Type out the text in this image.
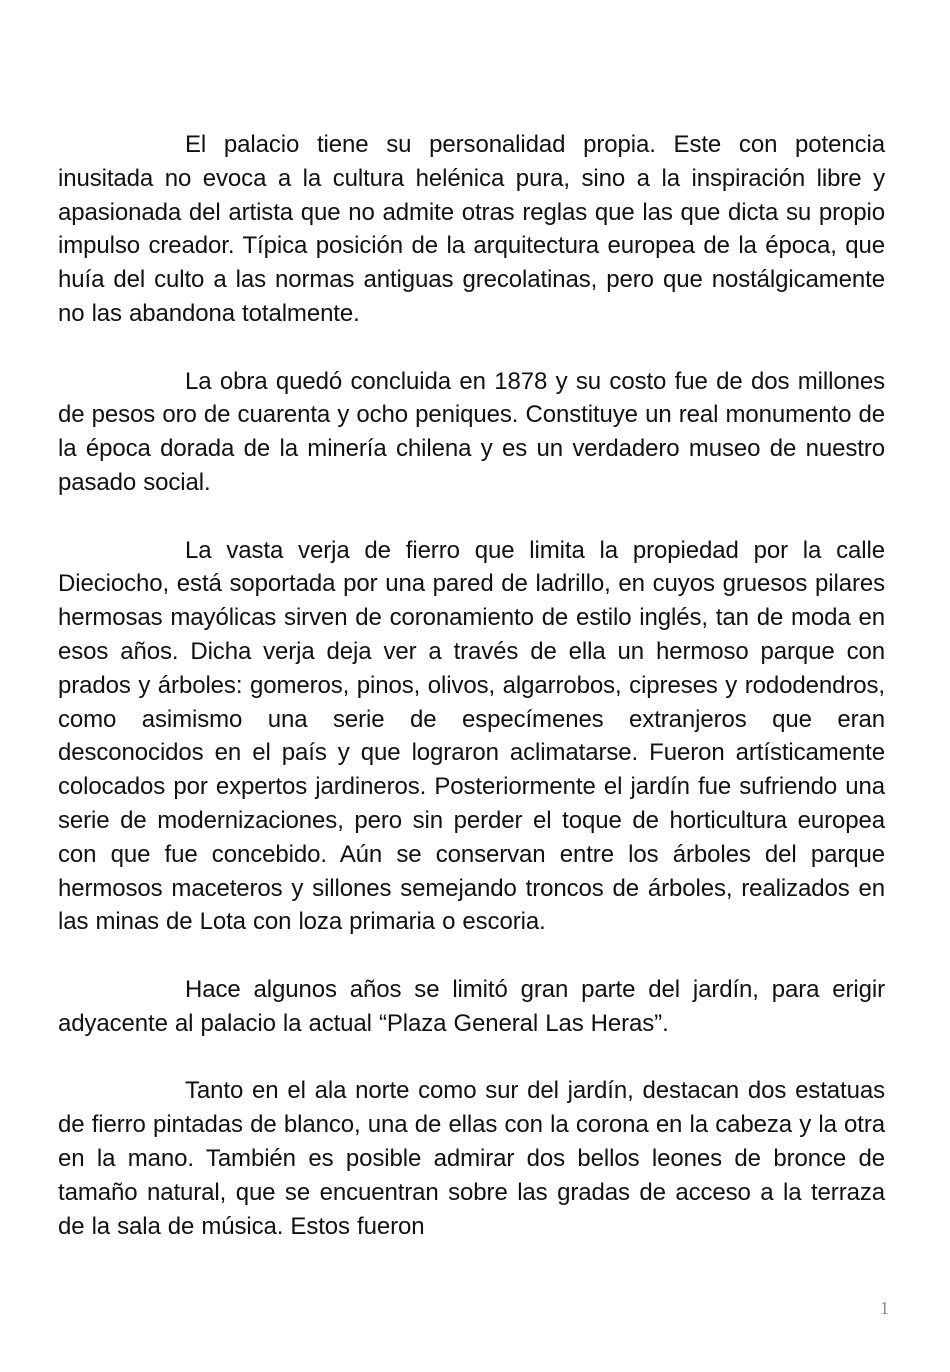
El palacio tiene su personalidad propia. Este con potencia inusitada no evoca a la cultura helénica pura, sino a la inspiración libre y apasionada del artista que no admite otras reglas que las que dicta su propio impulso creador. Típica posición de la arquitectura europea de la época, que huía del culto a las normas antiguas grecolatinas, pero que nostálgicamente no las abandona totalmente.

La obra quedó concluida en 1878 y su costo fue de dos millones de pesos oro de cuarenta y ocho peniques. Constituye un real monumento de la época dorada de la minería chilena y es un verdadero museo de nuestro pasado social.

La vasta verja de fierro que limita la propiedad por la calle Dieciocho, está soportada por una pared de ladrillo, en cuyos gruesos pilares hermosas mayólicas sirven de coronamiento de estilo inglés, tan de moda en esos años. Dicha verja deja ver a través de ella un hermoso parque con prados y árboles: gomeros, pinos, olivos, algarrobos, cipreses y rododendros, como asimismo una serie de especímenes extranjeros que eran desconocidos en el país y que lograron aclimatarse. Fueron artísticamente colocados por expertos jardineros. Posteriormente el jardín fue sufriendo una serie de modernizaciones, pero sin perder el toque de horticultura europea con que fue concebido. Aún se conservan entre los árboles del parque hermosos maceteros y sillones semejando troncos de árboles, realizados en las minas de Lota con loza primaria o escoria.

Hace algunos años se limitó gran parte del jardín, para erigir adyacente al palacio la actual “Plaza General Las Heras”.

Tanto en el ala norte como sur del jardín, destacan dos estatuas de fierro pintadas de blanco, una de ellas con la corona en la cabeza y la otra en la mano. También es posible admirar dos bellos leones de bronce de tamaño natural, que se encuentran sobre las gradas de acceso a la terraza de la sala de música. Estos fueron

1
